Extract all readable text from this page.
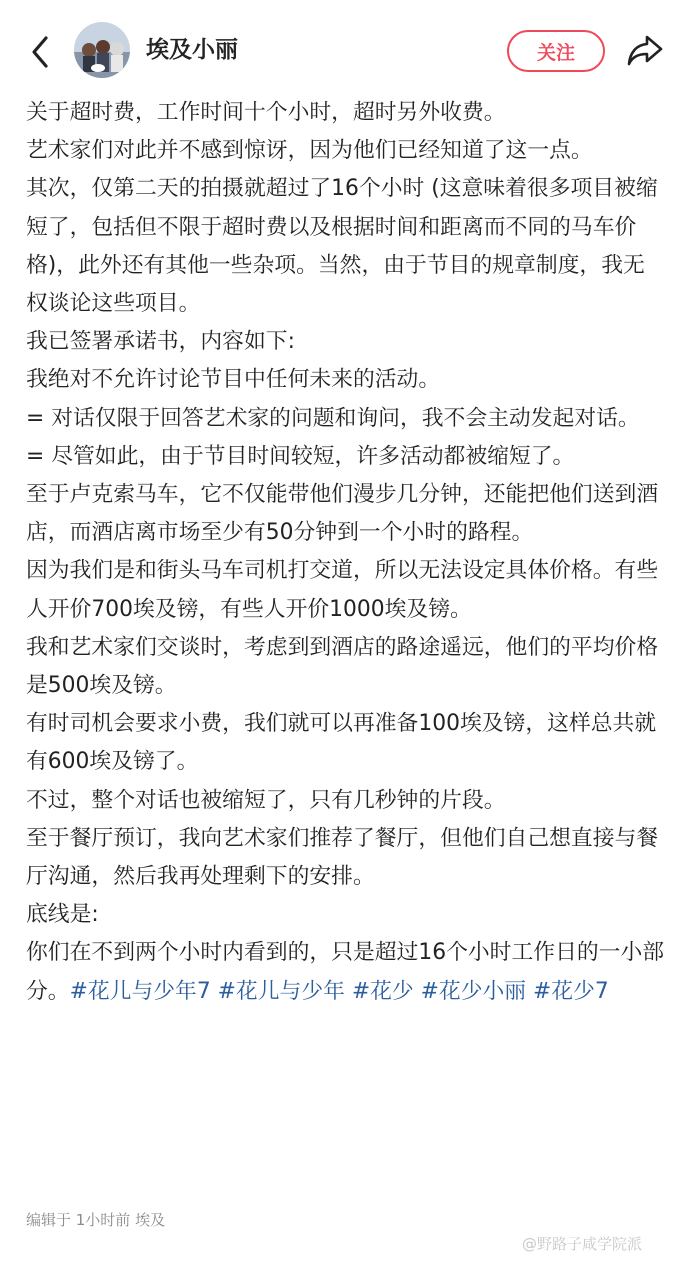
埃及小丽	关注

关于超时费，工作时间十个小时，超时另外收费。

艺术家们对此并不感到惊讶，因为他们已经知道了这一点。

其次，仅第二天的拍摄就超过了16个小时 (这意味着很多项目被缩短了，包括但不限于超时费以及根据时间和距离而不同的马车价格)，此外还有其他一些杂项。当然，由于节目的规章制度，我无权谈论这些项目。

我已签署承诺书，内容如下:

我绝对不允许讨论节目中任何未来的活动。

= 对话仅限于回答艺术家的问题和询问，我不会主动发起对话。

= 尽管如此，由于节目时间较短，许多活动都被缩短了。

至于卢克索马车，它不仅能带他们漫步几分钟，还能把他们送到酒店，而酒店离市场至少有50分钟到一个小时的路程。

因为我们是和街头马车司机打交道，所以无法设定具体价格。有些人开价700埃及镑，有些人开价1000埃及镑。

我和艺术家们交谈时，考虑到到酒店的路途遥远，他们的平均价格是500埃及镑。

有时司机会要求小费，我们就可以再准备100埃及镑，这样总共就有600埃及镑了。

不过，整个对话也被缩短了，只有几秒钟的片段。

至于餐厅预订，我向艺术家们推荐了餐厅，但他们自己想直接与餐厅沟通，然后我再处理剩下的安排。

底线是:

你们在不到两个小时内看到的，只是超过16个小时工作日的一小部分。#花儿与少年7 #花儿与少年 #花少 #花少小丽 #花少7

编辑于 1小时前 埃及
@野路子咸学院派
